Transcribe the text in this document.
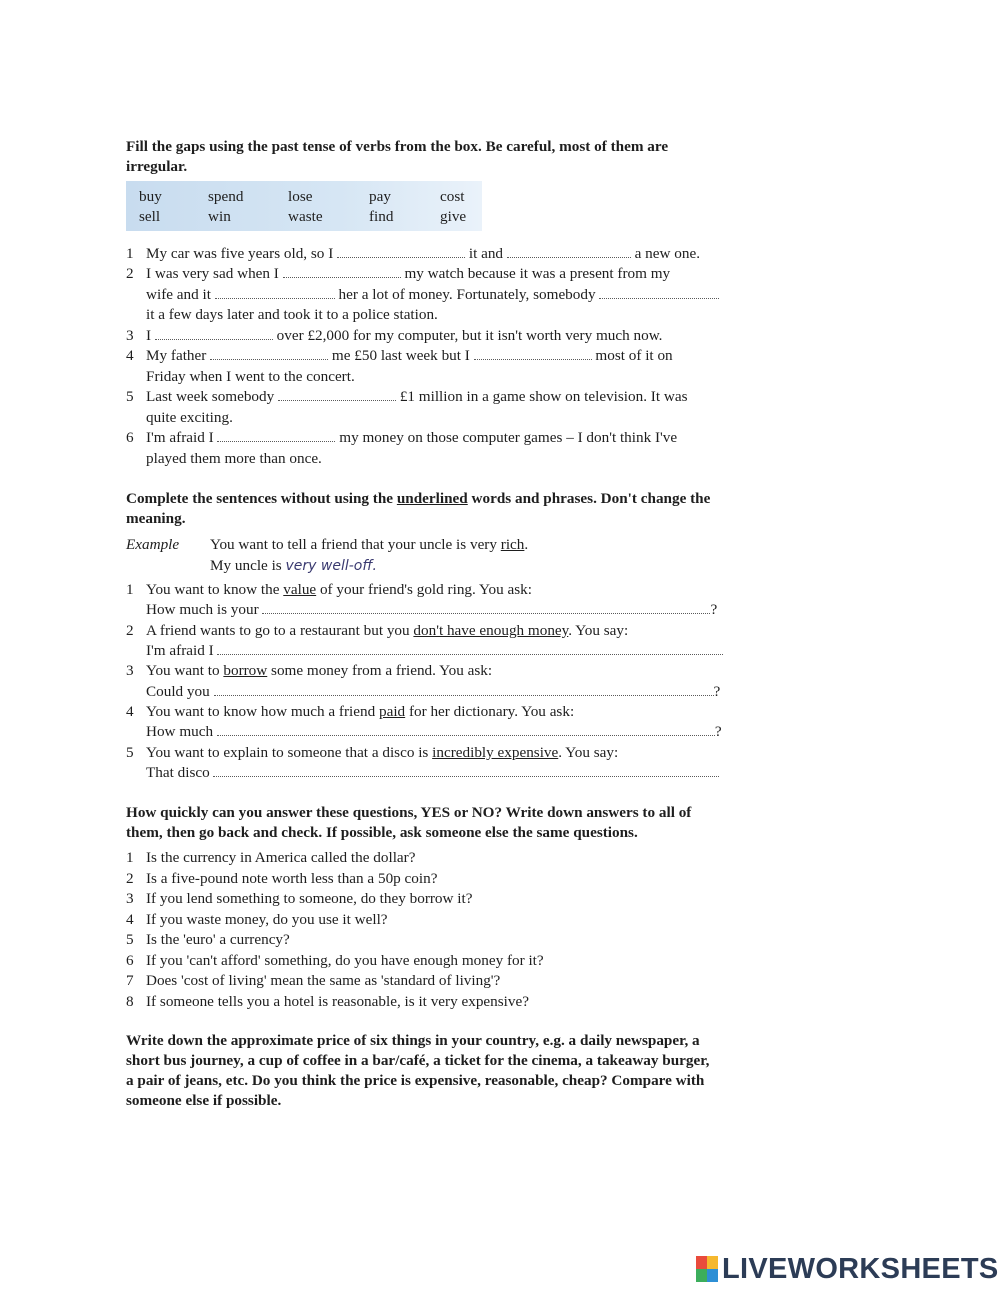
Fill the gaps using the past tense of verbs from the box. Be careful, most of them are
irregular.
buy	spend	lose	pay	cost
sell	win	waste	find	give
1 My car was five years old, so I	it and	a new one.
2 I was very sad when I	my watch because it was a present from my
wife and it	her a lot of money. Fortunately, somebody
it a few days later and took it to a police station.
3 I	over £2,000 for my computer, but it isn't worth very much now.
4 My father	me £50 last week but I	most of it on
Friday when I went to the concert.
5 Last week somebody	£1 million in a game show on television. It was
quite exciting.
6 I'm afraid I	my money on those computer games – I don't think I've
played them more than once.
Complete the sentences without using the underlined words and phrases. Don't change the
meaning.
Example You want to tell a friend that your uncle is very rich.
My uncle is very well-off.
1 You want to know the value of your friend's gold ring. You ask:
How much is your	?
2 A friend wants to go to a restaurant but you don't have enough money. You say:
I'm afraid I
3 You want to borrow some money from a friend. You ask:
Could you	?
4 You want to know how much a friend paid for her dictionary. You ask:
How much	?
5 You want to explain to someone that a disco is incredibly expensive. You say:
That disco
How quickly can you answer these questions, YES or NO? Write down answers to all of
them, then go back and check. If possible, ask someone else the same questions.
1 Is the currency in America called the dollar?
2 Is a five-pound note worth less than a 50p coin?
3 If you lend something to someone, do they borrow it?
4 If you waste money, do you use it well?
5 Is the 'euro' a currency?
6 If you 'can't afford' something, do you have enough money for it?
7 Does 'cost of living' mean the same as 'standard of living'?
8 If someone tells you a hotel is reasonable, is it very expensive?
Write down the approximate price of six things in your country, e.g. a daily newspaper, a
short bus journey, a cup of coffee in a bar/café, a ticket for the cinema, a takeaway burger,
a pair of jeans, etc. Do you think the price is expensive, reasonable, cheap? Compare with
someone else if possible.
LIVEWORKSHEETS
